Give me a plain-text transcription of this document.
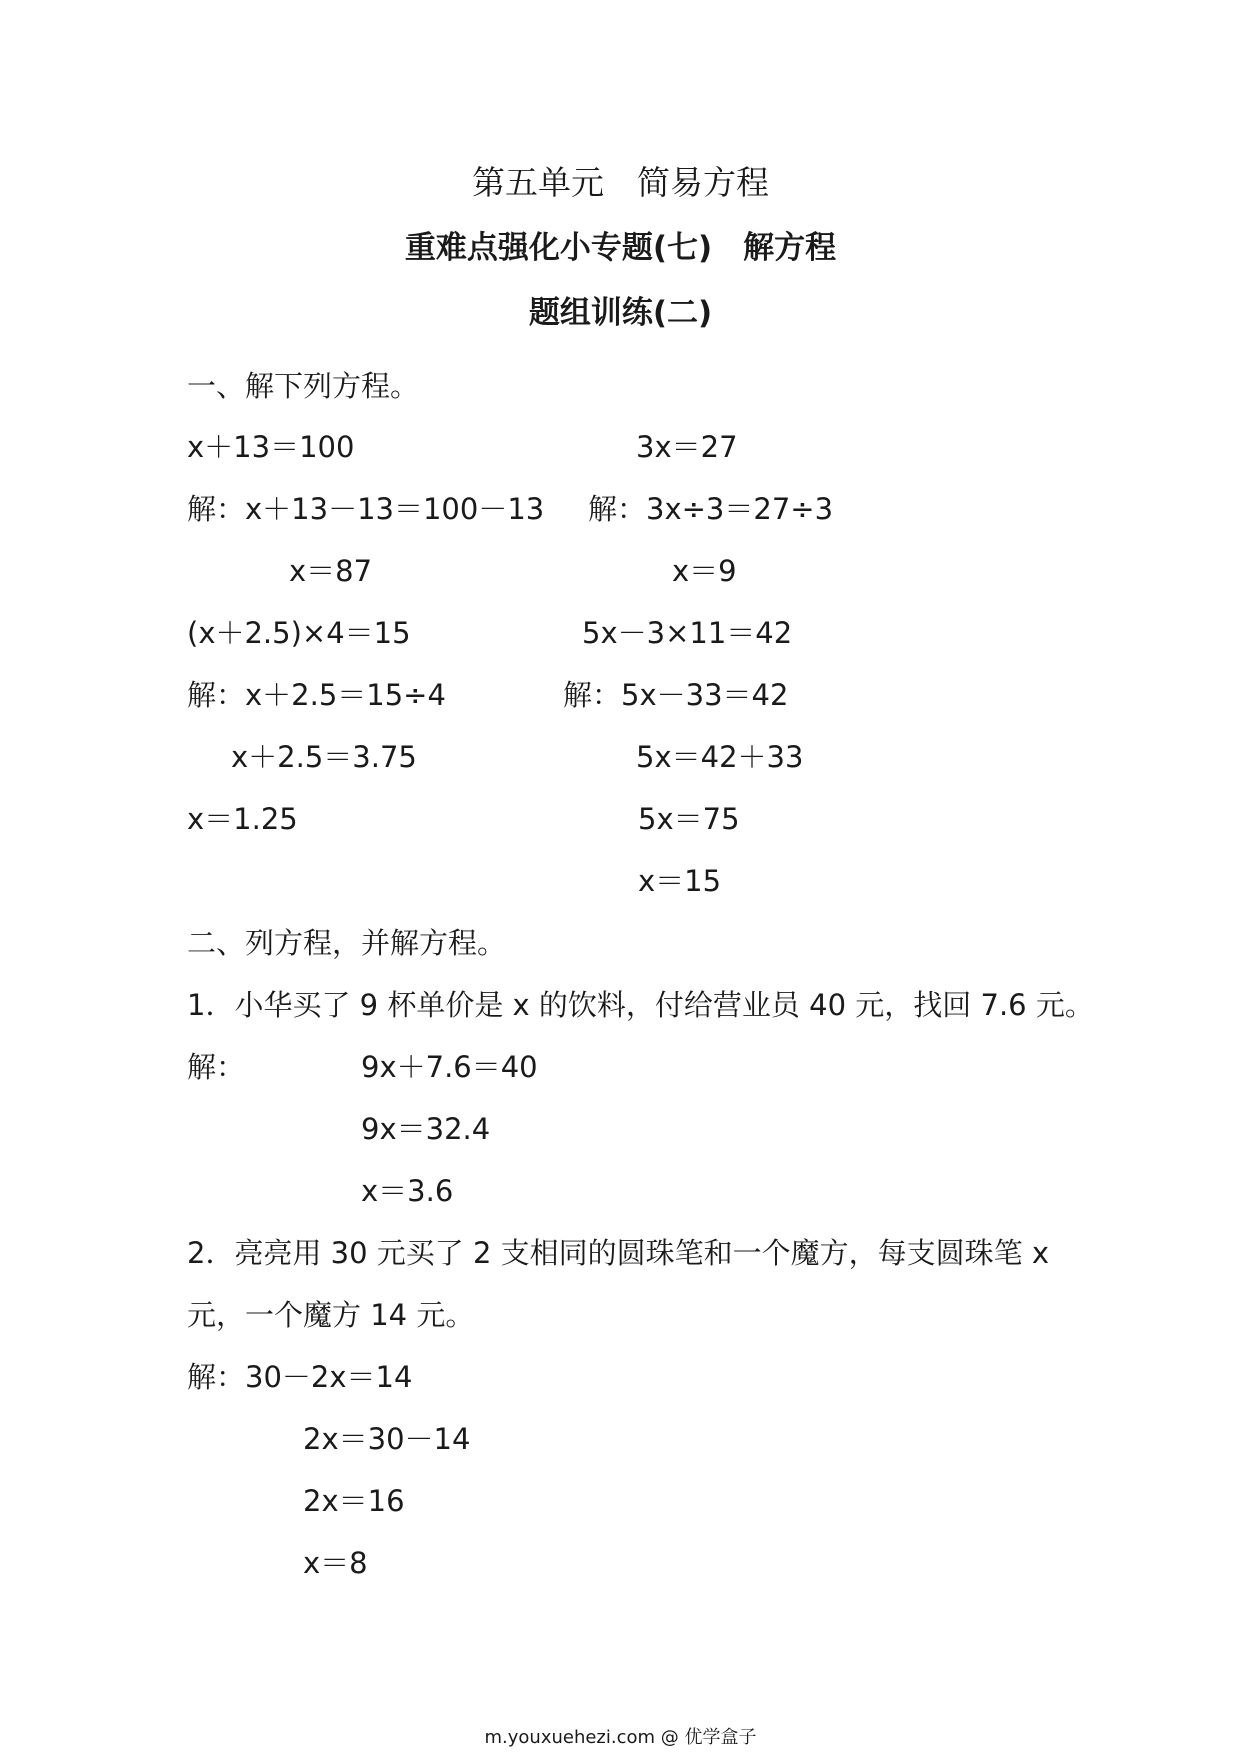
第五单元　简易方程
重难点强化小专题(七)　解方程
题组训练(二)
一、解下列方程。
x＋13＝100
解：x＋13－13＝100－13
x＝87
3x＝27
解：3x÷3＝27÷3
x＝9
(x＋2.5)×4＝15
解：x＋2.5＝15÷4
x＋2.5＝3.75
x＝1.25
5x－3×11＝42
解：5x－33＝42
5x＝42＋33
5x＝75
x＝15
二、列方程，并解方程。
1．小华买了 9 杯单价是 x 的饮料，付给营业员 40 元，找回 7.6 元。
解：	9x＋7.6＝40
9x＝32.4
x＝3.6
2．亮亮用 30 元买了 2 支相同的圆珠笔和一个魔方，每支圆珠笔 x
元，一个魔方 14 元。
解：30－2x＝14
2x＝30－14
2x＝16
x＝8
m.youxuehezi.com @ 优学盒子
